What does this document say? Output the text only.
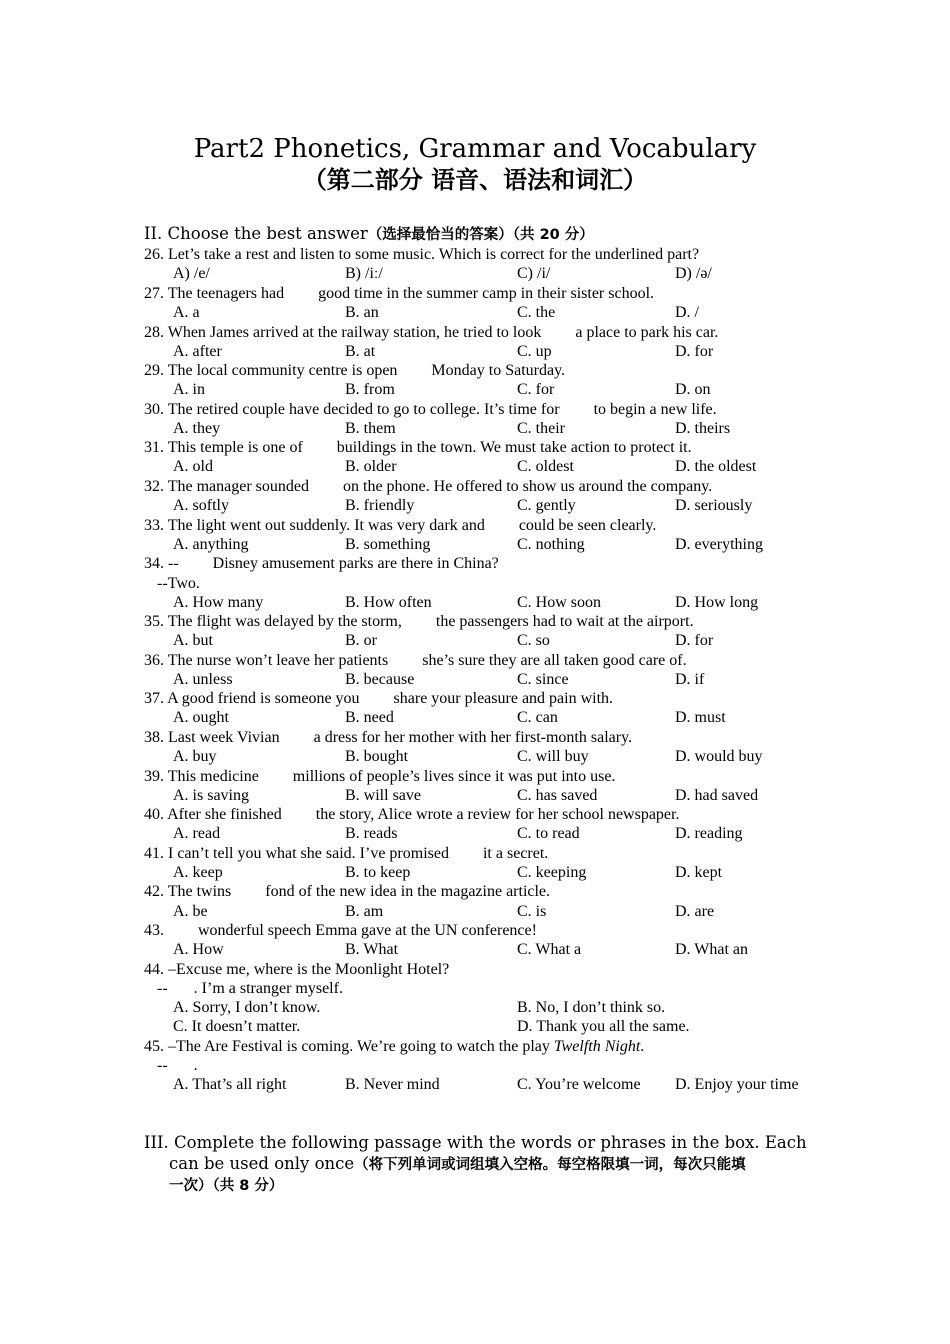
Part2 Phonetics, Grammar and Vocabulary
（第二部分 语音、语法和词汇）
II. Choose the best answer（选择最恰当的答案）（共 20 分）
26. Let’s take a rest and listen to some music. Which is correct for the underlined part?
A) /e/	B) /iː/	C) /i/	D) /ə/
27. The teenagers had good time in the summer camp in their sister school.
A. a	B. an	C. the	D. /
28. When James arrived at the railway station, he tried to look a place to park his car.
A. after	B. at	C. up	D. for
29. The local community centre is open Monday to Saturday.
A. in	B. from	C. for	D. on
30. The retired couple have decided to go to college. It’s time for to begin a new life.
A. they	B. them	C. their	D. theirs
31. This temple is one of buildings in the town. We must take action to protect it.
A. old	B. older	C. oldest	D. the oldest
32. The manager sounded on the phone. He offered to show us around the company.
A. softly	B. friendly	C. gently	D. seriously
33. The light went out suddenly. It was very dark and could be seen clearly.
A. anything	B. something	C. nothing	D. everything
34. -- Disney amusement parks are there in China?
--Two.
A. How many	B. How often	C. How soon	D. How long
35. The flight was delayed by the storm, the passengers had to wait at the airport.
A. but	B. or	C. so	D. for
36. The nurse won’t leave her patients she’s sure they are all taken good care of.
A. unless	B. because	C. since	D. if
37. A good friend is someone you share your pleasure and pain with.
A. ought	B. need	C. can	D. must
38. Last week Vivian a dress for her mother with her first-month salary.
A. buy	B. bought	C. will buy	D. would buy
39. This medicine millions of people’s lives since it was put into use.
A. is saving	B. will save	C. has saved	D. had saved
40. After she finished the story, Alice wrote a review for her school newspaper.
A. read	B. reads	C. to read	D. reading
41. I can’t tell you what she said. I’ve promised it a secret.
A. keep	B. to keep	C. keeping	D. kept
42. The twins fond of the new idea in the magazine article.
A. be	B. am	C. is	D. are
43. wonderful speech Emma gave at the UN conference!
A. How	B. What	C. What a	D. What an
44. –Excuse me, where is the Moonlight Hotel?
-- . I’m a stranger myself.
A. Sorry, I don’t know.	B. No, I don’t think so.
C. It doesn’t matter.	D. Thank you all the same.
45. –The Are Festival is coming. We’re going to watch the play Twelfth Night.
-- .
A. That’s all right	B. Never mind	C. You’re welcome D. Enjoy your time
III. Complete the following passage with the words or phrases in the box. Each
can be used only once（将下列单词或词组填入空格。每空格限填一词，每次只能填
一次）（共 8 分）
